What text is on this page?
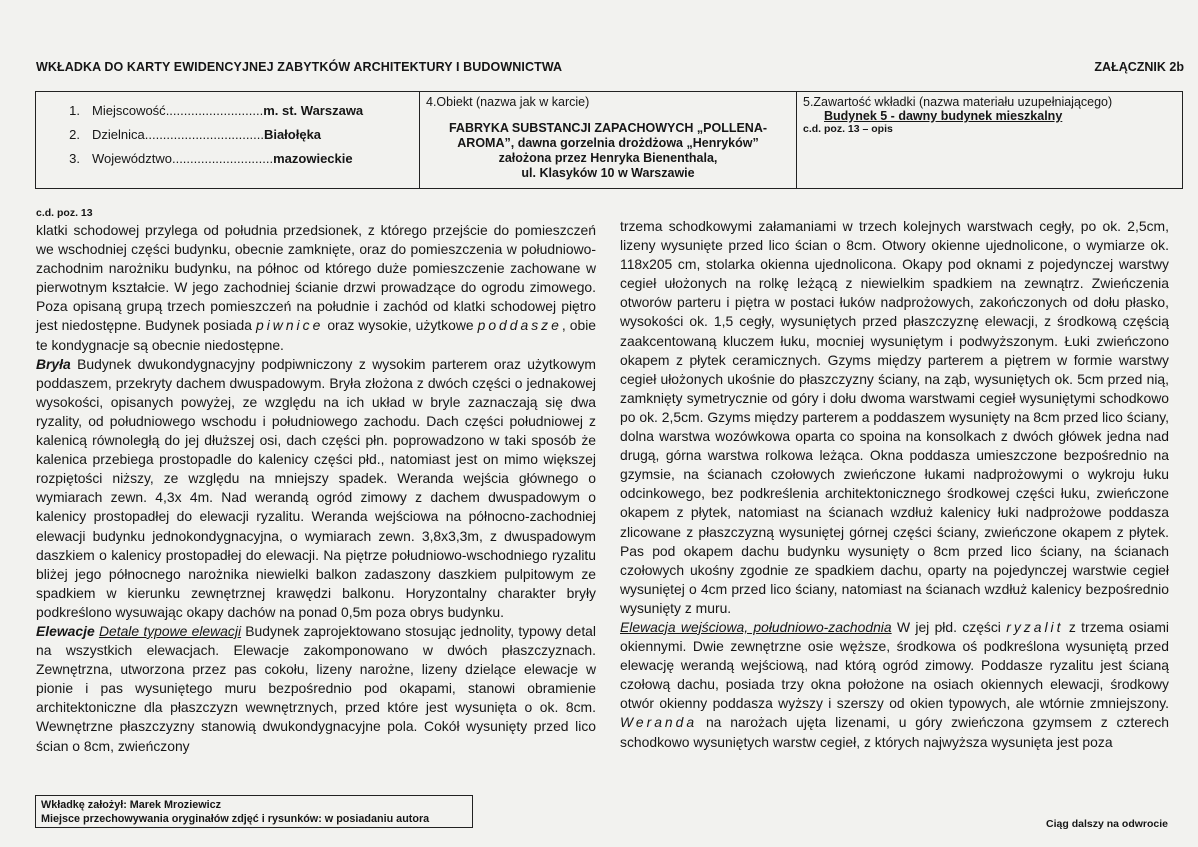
WKŁADKA DO KARTY EWIDENCYJNEJ ZABYTKÓW ARCHITEKTURY I BUDOWNICTWA	ZAŁĄCZNIK 2b
1. Miejscowość ........................... m. st. Warszawa
2. Dzielnica ................................. Białołęka
3. Województwo ............................ mazowieckie
4.Obiekt (nazwa jak w karcie)
FABRYKA SUBSTANCJI ZAPACHOWYCH „POLLENA-
AROMA”, dawna gorzelnia drożdżowa „Henryków”
założona przez Henryka Bienenthala,
ul. Klasyków 10 w Warszawie
5.Zawartość wkładki (nazwa materiału uzupełniającego)
Budynek 5 - dawny budynek mieszkalny
c.d. poz. 13 – opis
c.d. poz. 13

klatki schodowej przylega od południa przedsionek, z którego przejście do pomieszczeń we wschodniej części budynku, obecnie zamknięte, oraz do pomieszczenia w południowo-zachodnim narożniku budynku, na północ od którego duże pomieszczenie zachowane w pierwotnym kształcie. W jego zachodniej ścianie drzwi prowadzące do ogrodu zimowego. Poza opisaną grupą trzech pomieszczeń na południe i zachód od klatki schodowej piętro jest niedostępne. Budynek posiada piwnice oraz wysokie, użytkowe poddasze, obie te kondygnacje są obecnie niedostępne.

Bryła Budynek dwukondygnacyjny podpiwniczony z wysokim parterem oraz użytkowym poddaszem, przekryty dachem dwuspadowym. Bryła złożona z dwóch części o jednakowej wysokości, opisanych powyżej, ze względu na ich układ w bryle zaznaczają się dwa ryzality, od południowego wschodu i południowego zachodu. Dach części południowej z kalenicą równoległą do jej dłuższej osi, dach części płn. poprowadzono w taki sposób że kalenica przebiega prostopadle do kalenicy części płd., natomiast jest on mimo większej rozpiętości niższy, ze względu na mniejszy spadek. Weranda wejścia głównego o wymiarach zewn. 4,3x 4m. Nad werandą ogród zimowy z dachem dwuspadowym o kalenicy prostopadłej do elewacji ryzalitu. Weranda wejściowa na północno-zachodniej elewacji budynku jednokondygnacyjna, o wymiarach zewn. 3,8x3,3m, z dwuspadowym daszkiem o kalenicy prostopadłej do elewacji. Na piętrze południowo-wschodniego ryzalitu bliżej jego północnego narożnika niewielki balkon zadaszony daszkiem pulpitowym ze spadkiem w kierunku zewnętrznej krawędzi balkonu. Horyzontalny charakter bryły podkreślono wysuwając okapy dachów na ponad 0,5m poza obrys budynku.

Elewacje Detale typowe elewacji Budynek zaprojektowano stosując jednolity, typowy detal na wszystkich elewacjach. Elewacje zakomponowano w dwóch płaszczyznach. Zewnętrzna, utworzona przez pas cokołu, lizeny narożne, lizeny dzielące elewacje w pionie i pas wysuniętego muru bezpośrednio pod okapami, stanowi obramienie architektoniczne dla płaszczyzn wewnętrznych, przed które jest wysunięta o ok. 8cm. Wewnętrzne płaszczyzny stanowią dwukondygnacyjne pola. Cokół wysunięty przed lico ścian o 8cm, zwieńczony

trzema schodkowymi załamaniami w trzech kolejnych warstwach cegły, po ok. 2,5cm, lizeny wysunięte przed lico ścian o 8cm. Otwory okienne ujednolicone, o wymiarze ok. 118x205 cm, stolarka okienna ujednolicona. Okapy pod oknami z pojedynczej warstwy cegieł ułożonych na rolkę leżącą z niewielkim spadkiem na zewnątrz. Zwieńczenia otworów parteru i piętra w postaci łuków nadprożowych, zakończonych od dołu płasko, wysokości ok. 1,5 cegły, wysuniętych przed płaszczyznę elewacji, z środkową częścią zaakcentowaną kluczem łuku, mocniej wysuniętym i podwyższonym. Łuki zwieńczono okapem z płytek ceramicznych. Gzyms między parterem a piętrem w formie warstwy cegieł ułożonych ukośnie do płaszczyzny ściany, na ząb, wysuniętych ok. 5cm przed nią, zamknięty symetrycznie od góry i dołu dwoma warstwami cegieł wysuniętymi schodkowo po ok. 2,5cm. Gzyms między parterem a poddaszem wysunięty na 8cm przed lico ściany, dolna warstwa wozówkowa oparta co spoina na konsolkach z dwóch główek jedna nad drugą, górna warstwa rolkowa leżąca. Okna poddasza umieszczone bezpośrednio na gzymsie, na ścianach czołowych zwieńczone łukami nadprożowymi o wykroju łuku odcinkowego, bez podkreślenia architektonicznego środkowej części łuku, zwieńczone okapem z płytek, natomiast na ścianach wzdłuż kalenicy łuki nadprożowe poddasza zlicowane z płaszczyzną wysuniętej górnej części ściany, zwieńczone okapem z płytek. Pas pod okapem dachu budynku wysunięty o 8cm przed lico ściany, na ścianach czołowych ukośny zgodnie ze spadkiem dachu, oparty na pojedynczej warstwie cegieł wysuniętej o 4cm przed lico ściany, natomiast na ścianach wzdłuż kalenicy bezpośrednio wysunięty z muru.

Elewacja wejściowa, południowo-zachodnia W jej płd. części ryzalit z trzema osiami okiennymi. Dwie zewnętrzne osie węższe, środkowa oś podkreślona wysuniętą przed elewację werandą wejściową, nad którą ogród zimowy. Poddasze ryzalitu jest ścianą czołową dachu, posiada trzy okna położone na osiach okiennych elewacji, środkowy otwór okienny poddasza wyższy i szerszy od okien typowych, ale wtórnie zmniejszony. Weranda na narożach ujęta lizenami, u góry zwieńczona gzymsem z czterech schodkowo wysuniętych warstw cegieł, z których najwyższa wysunięta jest poza

Wkładkę założył: Marek Mroziewicz
Miejsce przechowywania oryginałów zdjęć i rysunków: w posiadaniu autora	Ciąg dalszy na odwrocie
